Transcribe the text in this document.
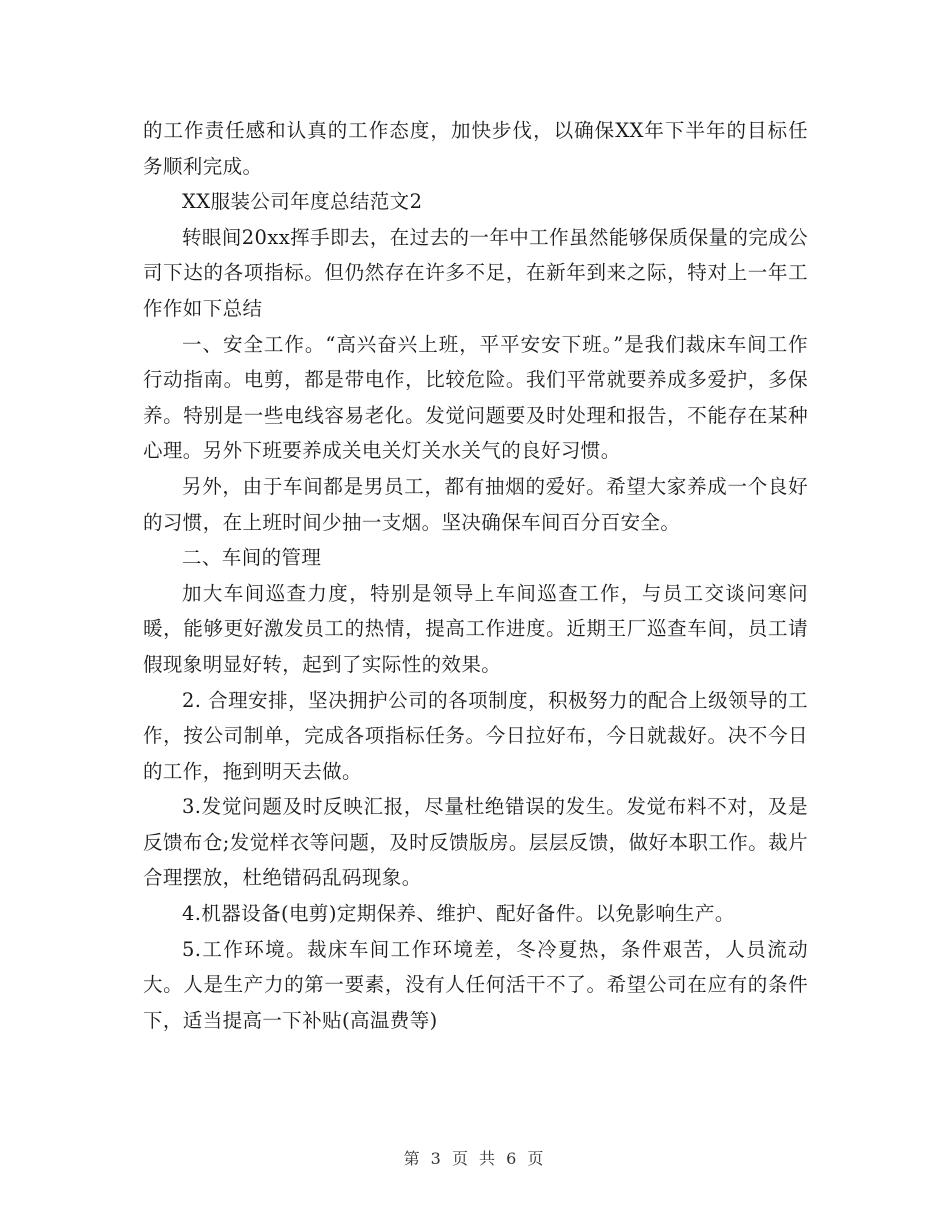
的工作责任感和认真的工作态度，加快步伐，以确保XX年下半年的目标任务顺利完成。

XX服装公司年度总结范文2

转眼间20xx挥手即去，在过去的一年中工作虽然能够保质保量的完成公司下达的各项指标。但仍然存在许多不足，在新年到来之际，特对上一年工作作如下总结

一、安全工作。“高兴奋兴上班，平平安安下班。”是我们裁床车间工作行动指南。电剪，都是带电作，比较危险。我们平常就要养成多爱护，多保养。特别是一些电线容易老化。发觉问题要及时处理和报告，不能存在某种心理。另外下班要养成关电关灯关水关气的良好习惯。

另外，由于车间都是男员工，都有抽烟的爱好。希望大家养成一个良好的习惯，在上班时间少抽一支烟。坚决确保车间百分百安全。

二、车间的管理

加大车间巡查力度，特别是领导上车间巡查工作，与员工交谈问寒问暖，能够更好激发员工的热情，提高工作进度。近期王厂巡查车间，员工请假现象明显好转，起到了实际性的效果。

2. 合理安排，坚决拥护公司的各项制度，积极努力的配合上级领导的工作，按公司制单，完成各项指标任务。今日拉好布，今日就裁好。决不今日的工作，拖到明天去做。

3.发觉问题及时反映汇报，尽量杜绝错误的发生。发觉布料不对，及是反馈布仓;发觉样衣等问题，及时反馈版房。层层反馈，做好本职工作。裁片合理摆放，杜绝错码乱码现象。

4.机器设备(电剪)定期保养、维护、配好备件。以免影响生产。

5.工作环境。裁床车间工作环境差，冬冷夏热，条件艰苦，人员流动大。人是生产力的第一要素，没有人任何活干不了。希望公司在应有的条件下，适当提高一下补贴(高温费等)

第 3 页 共 6 页
